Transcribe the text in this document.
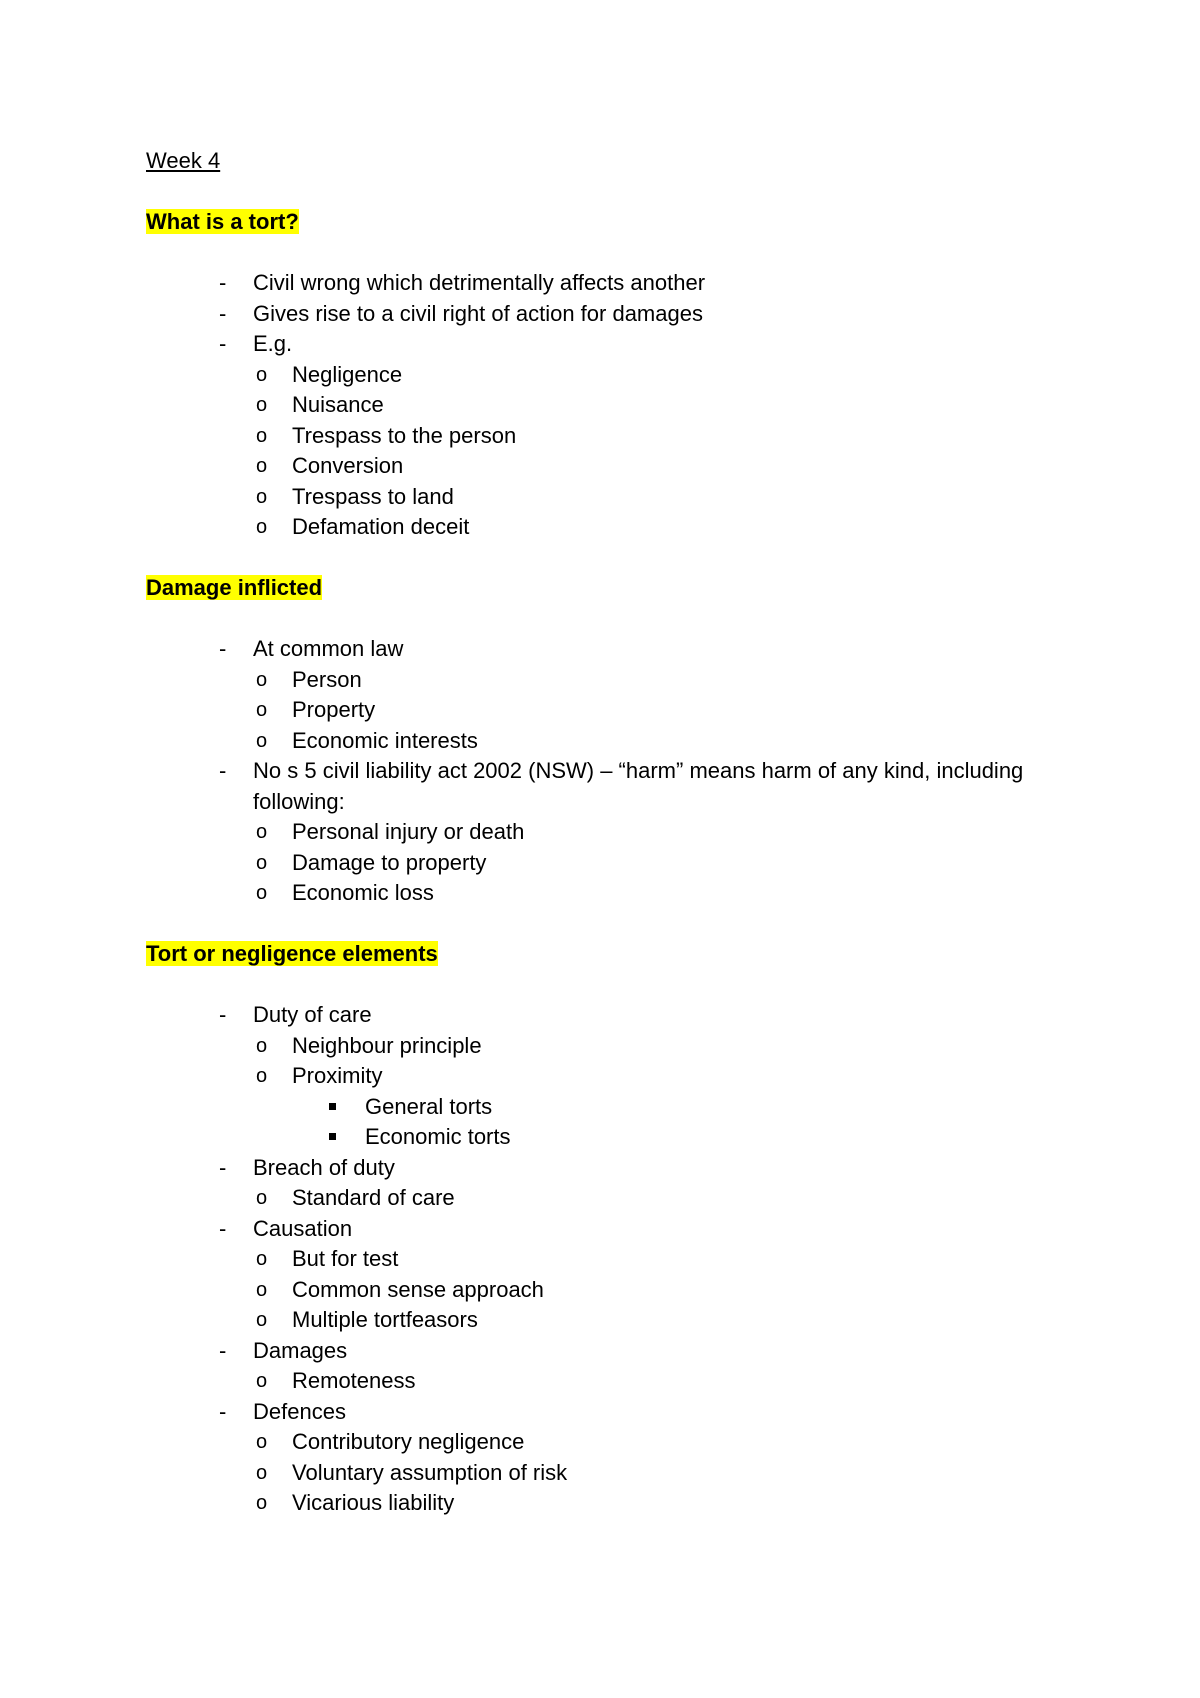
Week 4
What is a tort?
- Civil wrong which detrimentally affects another
- Gives rise to a civil right of action for damages
- E.g.
o Negligence
o Nuisance
o Trespass to the person
o Conversion
o Trespass to land
o Defamation deceit
Damage inflicted
- At common law
o Person
o Property
o Economic interests
- No s 5 civil liability act 2002 (NSW) – “harm” means harm of any kind, including following:
o Personal injury or death
o Damage to property
o Economic loss
Tort or negligence elements
- Duty of care
o Neighbour principle
o Proximity
General torts
Economic torts
- Breach of duty
o Standard of care
- Causation
o But for test
o Common sense approach
o Multiple tortfeasors
- Damages
o Remoteness
- Defences
o Contributory negligence
o Voluntary assumption of risk
o Vicarious liability
